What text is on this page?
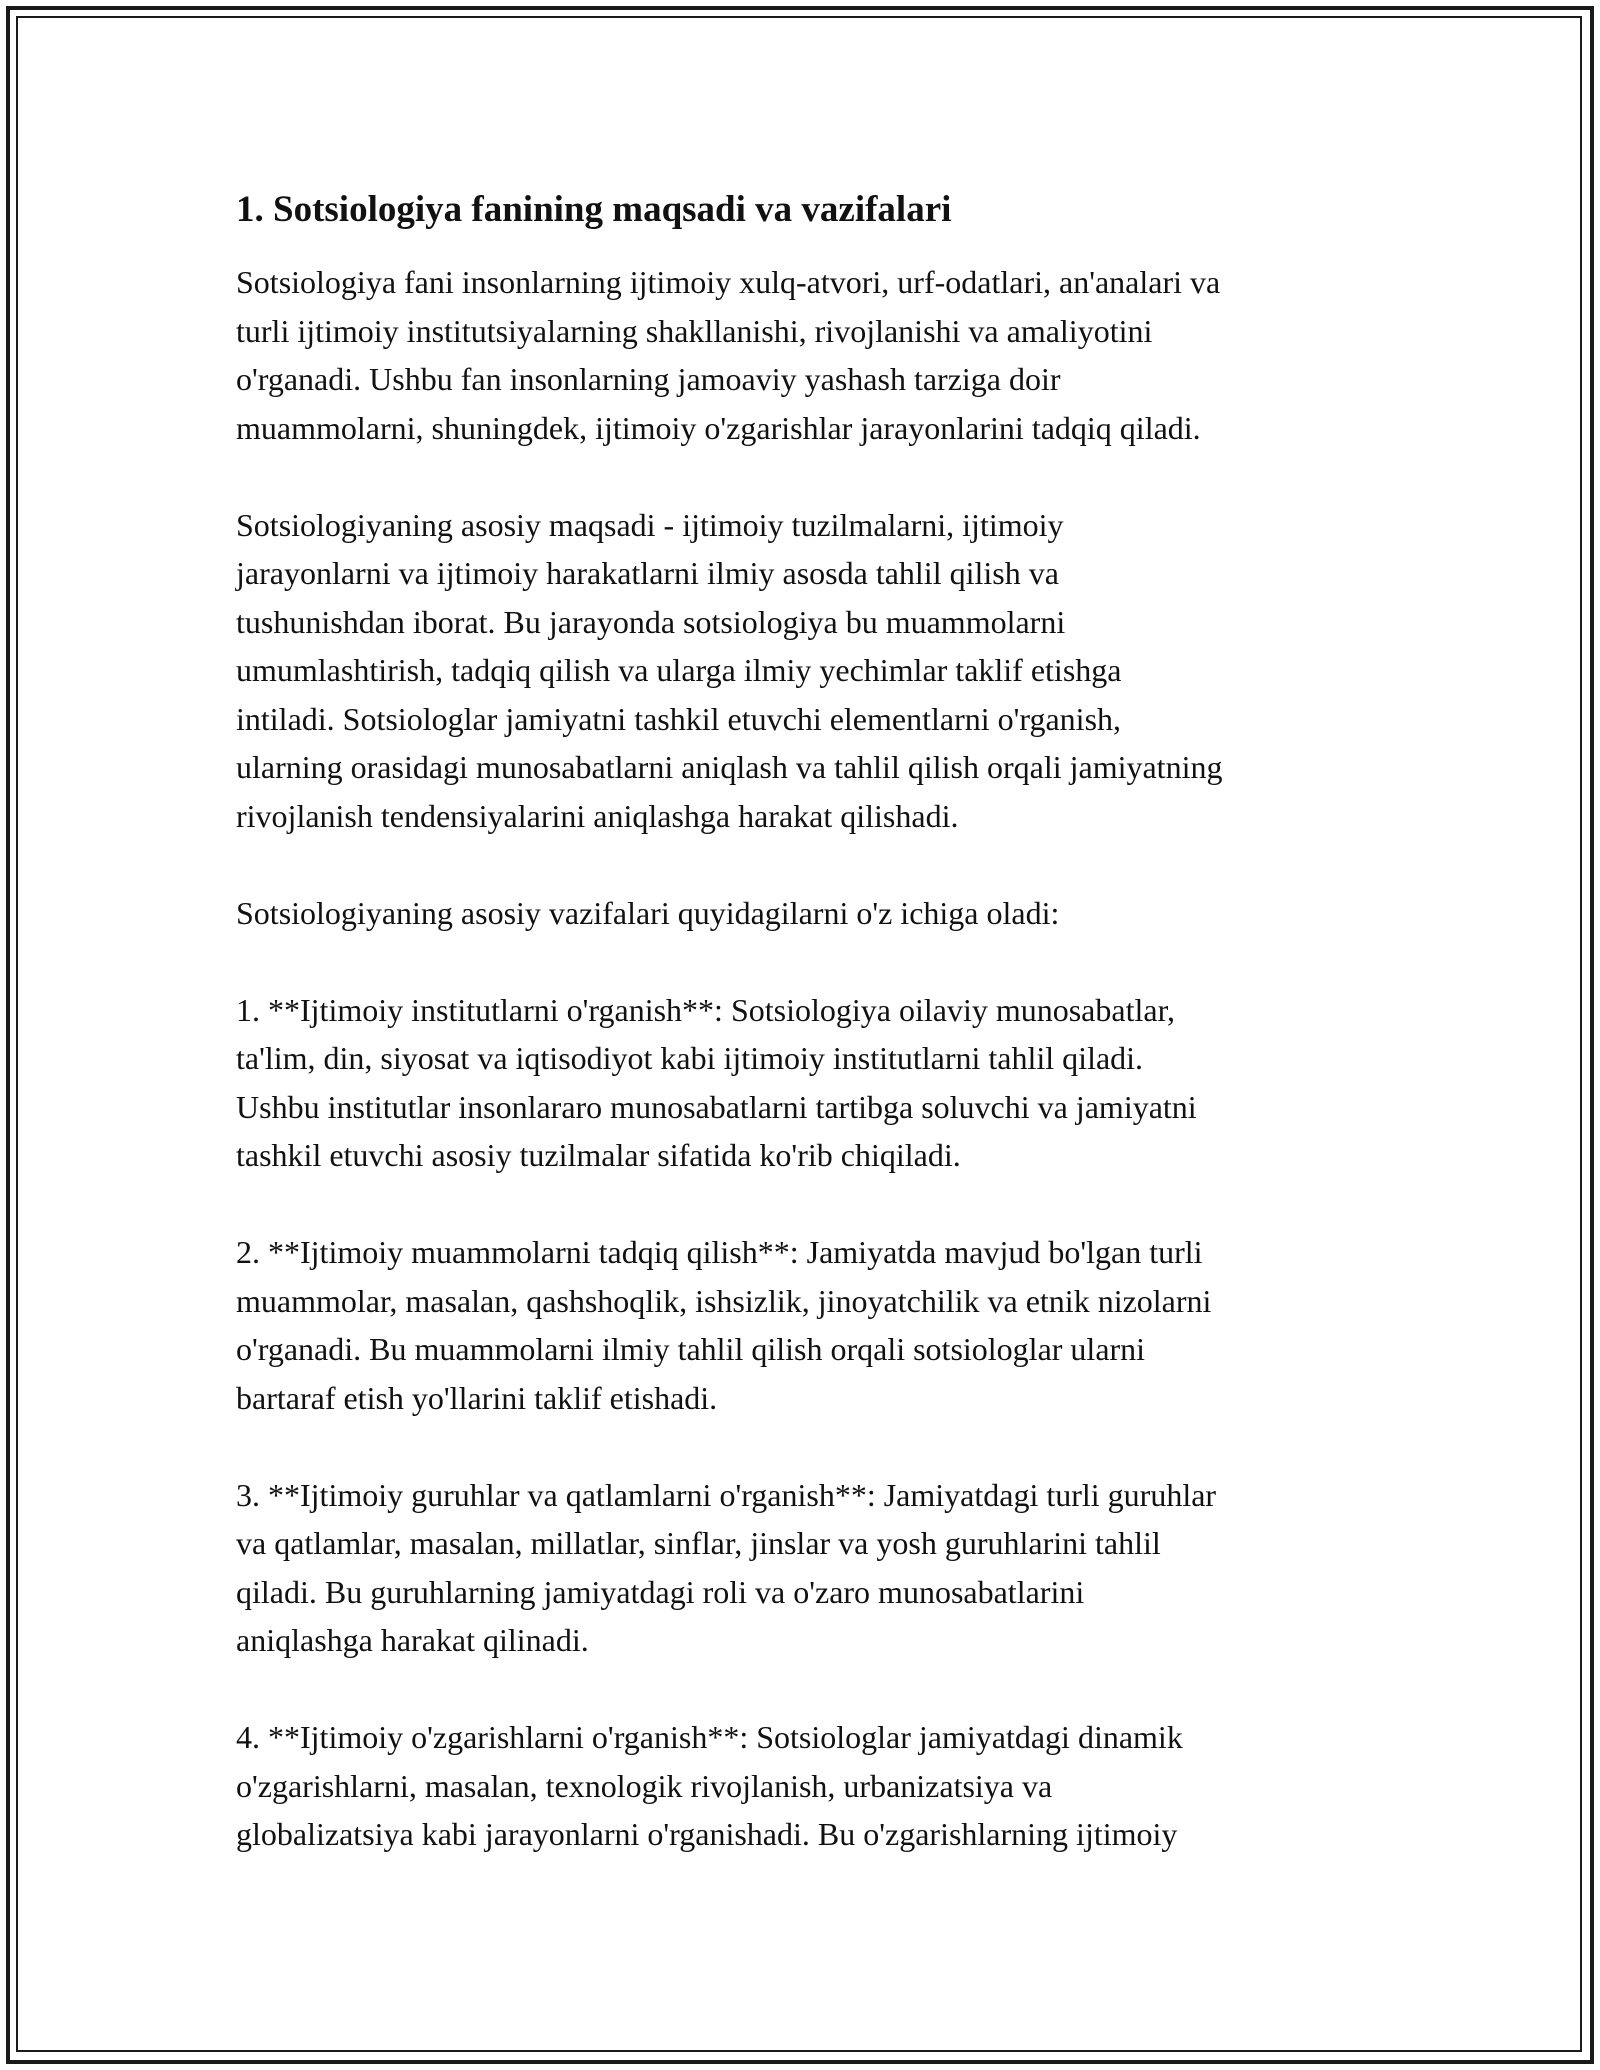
1. Sotsiologiya fanining maqsadi va vazifalari
Sotsiologiya fani insonlarning ijtimoiy xulq-atvori, urf-odatlari, an'analari va
turli ijtimoiy institutsiyalarning shakllanishi, rivojlanishi va amaliyotini
o'rganadi. Ushbu fan insonlarning jamoaviy yashash tarziga doir
muammolarni, shuningdek, ijtimoiy o'zgarishlar jarayonlarini tadqiq qiladi.
Sotsiologiyaning asosiy maqsadi - ijtimoiy tuzilmalarni, ijtimoiy
jarayonlarni va ijtimoiy harakatlarni ilmiy asosda tahlil qilish va
tushunishdan iborat. Bu jarayonda sotsiologiya bu muammolarni
umumlashtirish, tadqiq qilish va ularga ilmiy yechimlar taklif etishga
intiladi. Sotsiologlar jamiyatni tashkil etuvchi elementlarni o'rganish,
ularning orasidagi munosabatlarni aniqlash va tahlil qilish orqali jamiyatning
rivojlanish tendensiyalarini aniqlashga harakat qilishadi.
Sotsiologiyaning asosiy vazifalari quyidagilarni o'z ichiga oladi:
1. **Ijtimoiy institutlarni o'rganish**: Sotsiologiya oilaviy munosabatlar,
ta'lim, din, siyosat va iqtisodiyot kabi ijtimoiy institutlarni tahlil qiladi.
Ushbu institutlar insonlararo munosabatlarni tartibga soluvchi va jamiyatni
tashkil etuvchi asosiy tuzilmalar sifatida ko'rib chiqiladi.
2. **Ijtimoiy muammolarni tadqiq qilish**: Jamiyatda mavjud bo'lgan turli
muammolar, masalan, qashshoqlik, ishsizlik, jinoyatchilik va etnik nizolarni
o'rganadi. Bu muammolarni ilmiy tahlil qilish orqali sotsiologlar ularni
bartaraf etish yo'llarini taklif etishadi.
3. **Ijtimoiy guruhlar va qatlamlarni o'rganish**: Jamiyatdagi turli guruhlar
va qatlamlar, masalan, millatlar, sinflar, jinslar va yosh guruhlarini tahlil
qiladi. Bu guruhlarning jamiyatdagi roli va o'zaro munosabatlarini
aniqlashga harakat qilinadi.
4. **Ijtimoiy o'zgarishlarni o'rganish**: Sotsiologlar jamiyatdagi dinamik
o'zgarishlarni, masalan, texnologik rivojlanish, urbanizatsiya va
globalizatsiya kabi jarayonlarni o'rganishadi. Bu o'zgarishlarning ijtimoiy
